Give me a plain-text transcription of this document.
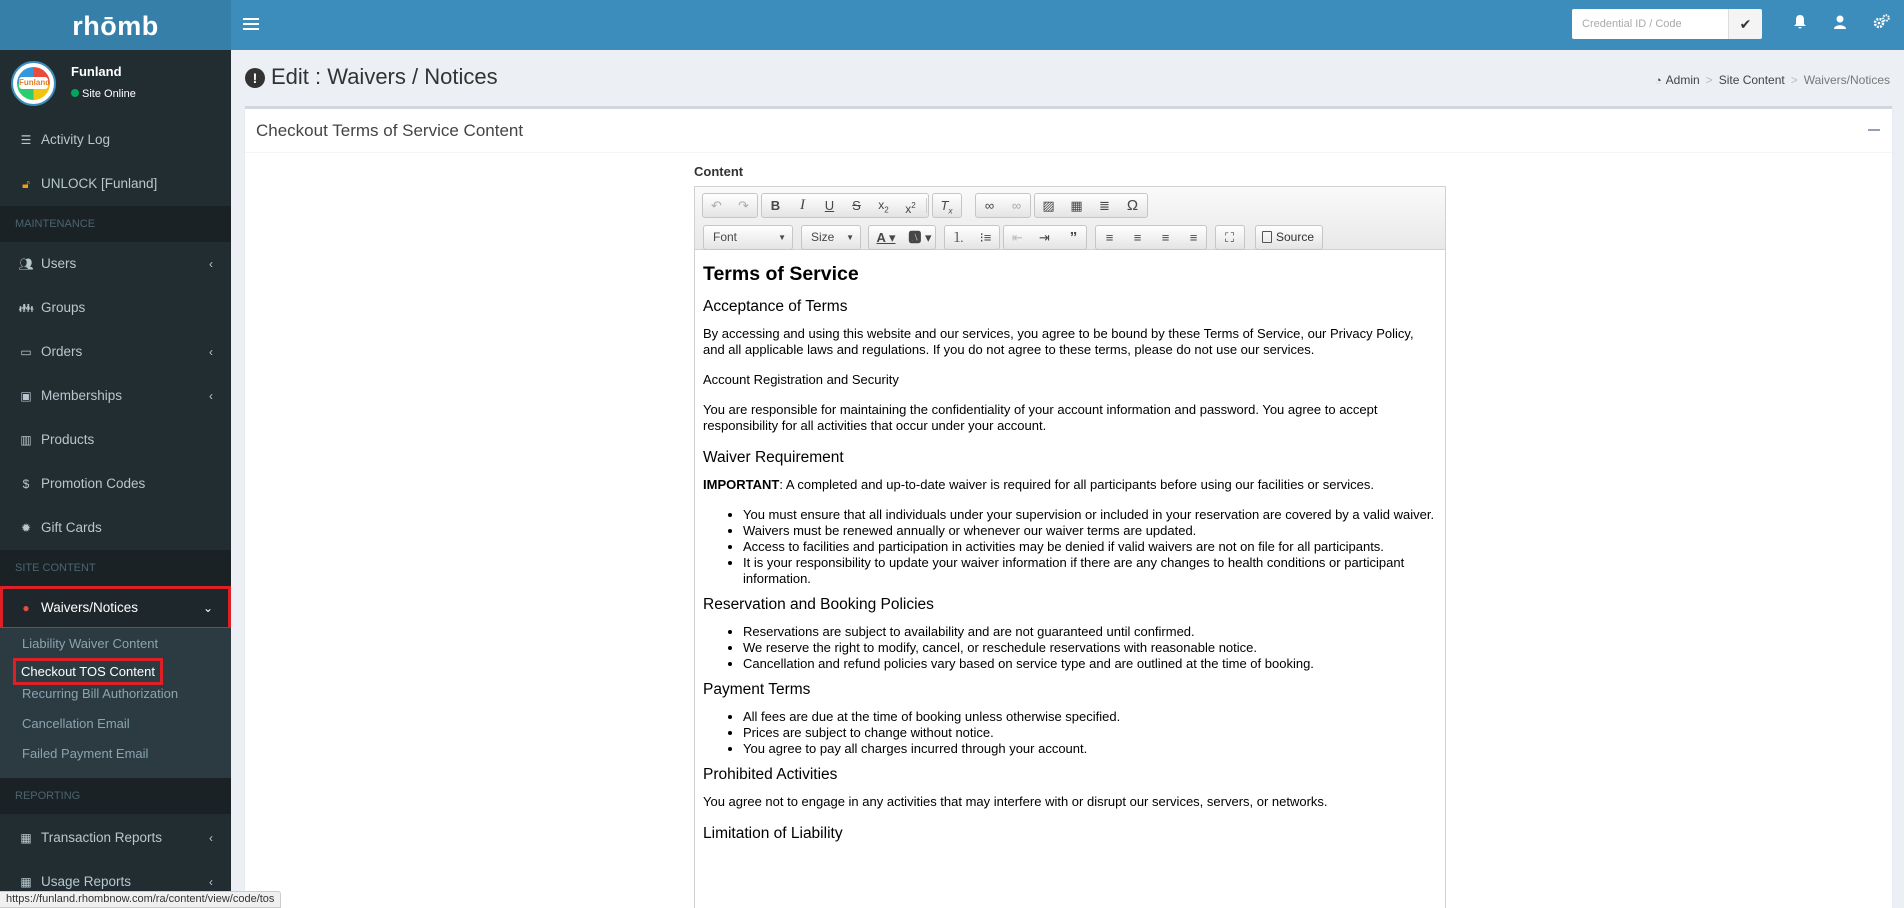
rhōmb
Credential ID / Code	✔
Funland
Funland
Site Online
☰ Activity Log
🔓︎ UNLOCK [Funland]
MAINTENANCE
👥︎ Users	‹
👪︎ Groups
▭ Orders	‹
▣ Memberships	‹
▥ Products
$ Promotion Codes
✹ Gift Cards
SITE CONTENT
● Waivers/Notices	⌄
Liability Waiver Content
Checkout TOS Content
Recurring Bill Authorization
Cancellation Email
Failed Payment Email
REPORTING
▦ Transaction Reports	‹
▦ Usage Reports	‹
! Edit : Waivers / Notices	◔ Admin > Site Content > Waivers/Notices
Checkout Terms of Service Content
Content
↶	↷	B	I	U	S	$x_2$	$x^2$	$T_x$	∞	∞	▨	▦	≣	Ω
Font	▼	Size ▼	A ▾ 🅰︎ ▾	⒈	⁝≡	⇤	⇥	”	≡	≡	≡	≡	⛶	Source
Terms of Service
Acceptance of Terms

By accessing and using this website and our services, you agree to be bound by these Terms of Service, our Privacy Policy, and all applicable laws and regulations. If you do not agree to these terms, please do not use our services.

Account Registration and Security

You are responsible for maintaining the confidentiality of your account information and password. You agree to accept responsibility for all activities that occur under your account.

Waiver Requirement

IMPORTANT: A completed and up-to-date waiver is required for all participants before using our facilities or services.

• You must ensure that all individuals under your supervision or included in your reservation are covered by a valid waiver.
• Waivers must be renewed annually or whenever our waiver terms are updated.
• Access to facilities and participation in activities may be denied if valid waivers are not on file for all participants.
• It is your responsibility to update your waiver information if there are any changes to health conditions or participant information.
Reservation and Booking Policies
• Reservations are subject to availability and are not guaranteed until confirmed.
• We reserve the right to modify, cancel, or reschedule reservations with reasonable notice.
• Cancellation and refund policies vary based on service type and are outlined at the time of booking.
Payment Terms
• All fees are due at the time of booking unless otherwise specified.
• Prices are subject to change without notice.
• You agree to pay all charges incurred through your account.
Prohibited Activities

You agree not to engage in any activities that may interfere with or disrupt our services, servers, or networks.

Limitation of Liability
https://funland.rhombnow.com/ra/content/view/code/tos
